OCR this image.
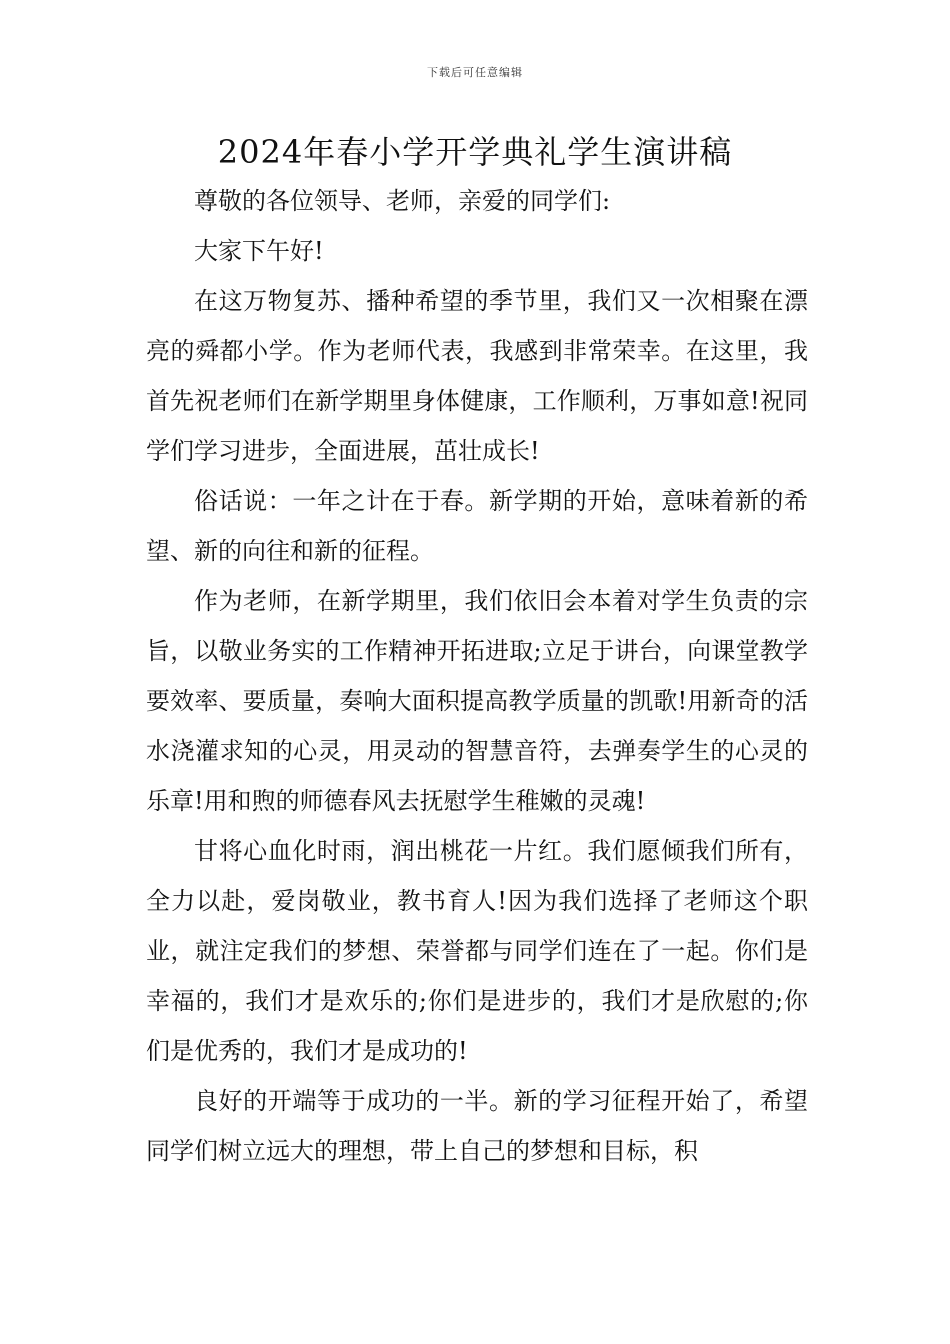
下载后可任意编辑
2024年春小学开学典礼学生演讲稿

尊敬的各位领导、老师，亲爱的同学们:

大家下午好!

在这万物复苏、播种希望的季节里，我们又一次相聚在漂亮的舜都小学。作为老师代表，我感到非常荣幸。在这里，我首先祝老师们在新学期里身体健康，工作顺利，万事如意!祝同学们学习进步，全面进展，茁壮成长!

俗话说：一年之计在于春。新学期的开始，意味着新的希望、新的向往和新的征程。

作为老师，在新学期里，我们依旧会本着对学生负责的宗旨，以敬业务实的工作精神开拓进取;立足于讲台，向课堂教学要效率、要质量，奏响大面积提高教学质量的凯歌!用新奇的活水浇灌求知的心灵，用灵动的智慧音符，去弹奏学生的心灵的乐章!用和煦的师德春风去抚慰学生稚嫩的灵魂!

甘将心血化时雨，润出桃花一片红。我们愿倾我们所有，全力以赴，爱岗敬业，教书育人!因为我们选择了老师这个职业，就注定我们的梦想、荣誉都与同学们连在了一起。你们是幸福的，我们才是欢乐的;你们是进步的，我们才是欣慰的;你们是优秀的，我们才是成功的!

良好的开端等于成功的一半。新的学习征程开始了，希望同学们树立远大的理想，带上自己的梦想和目标，积
